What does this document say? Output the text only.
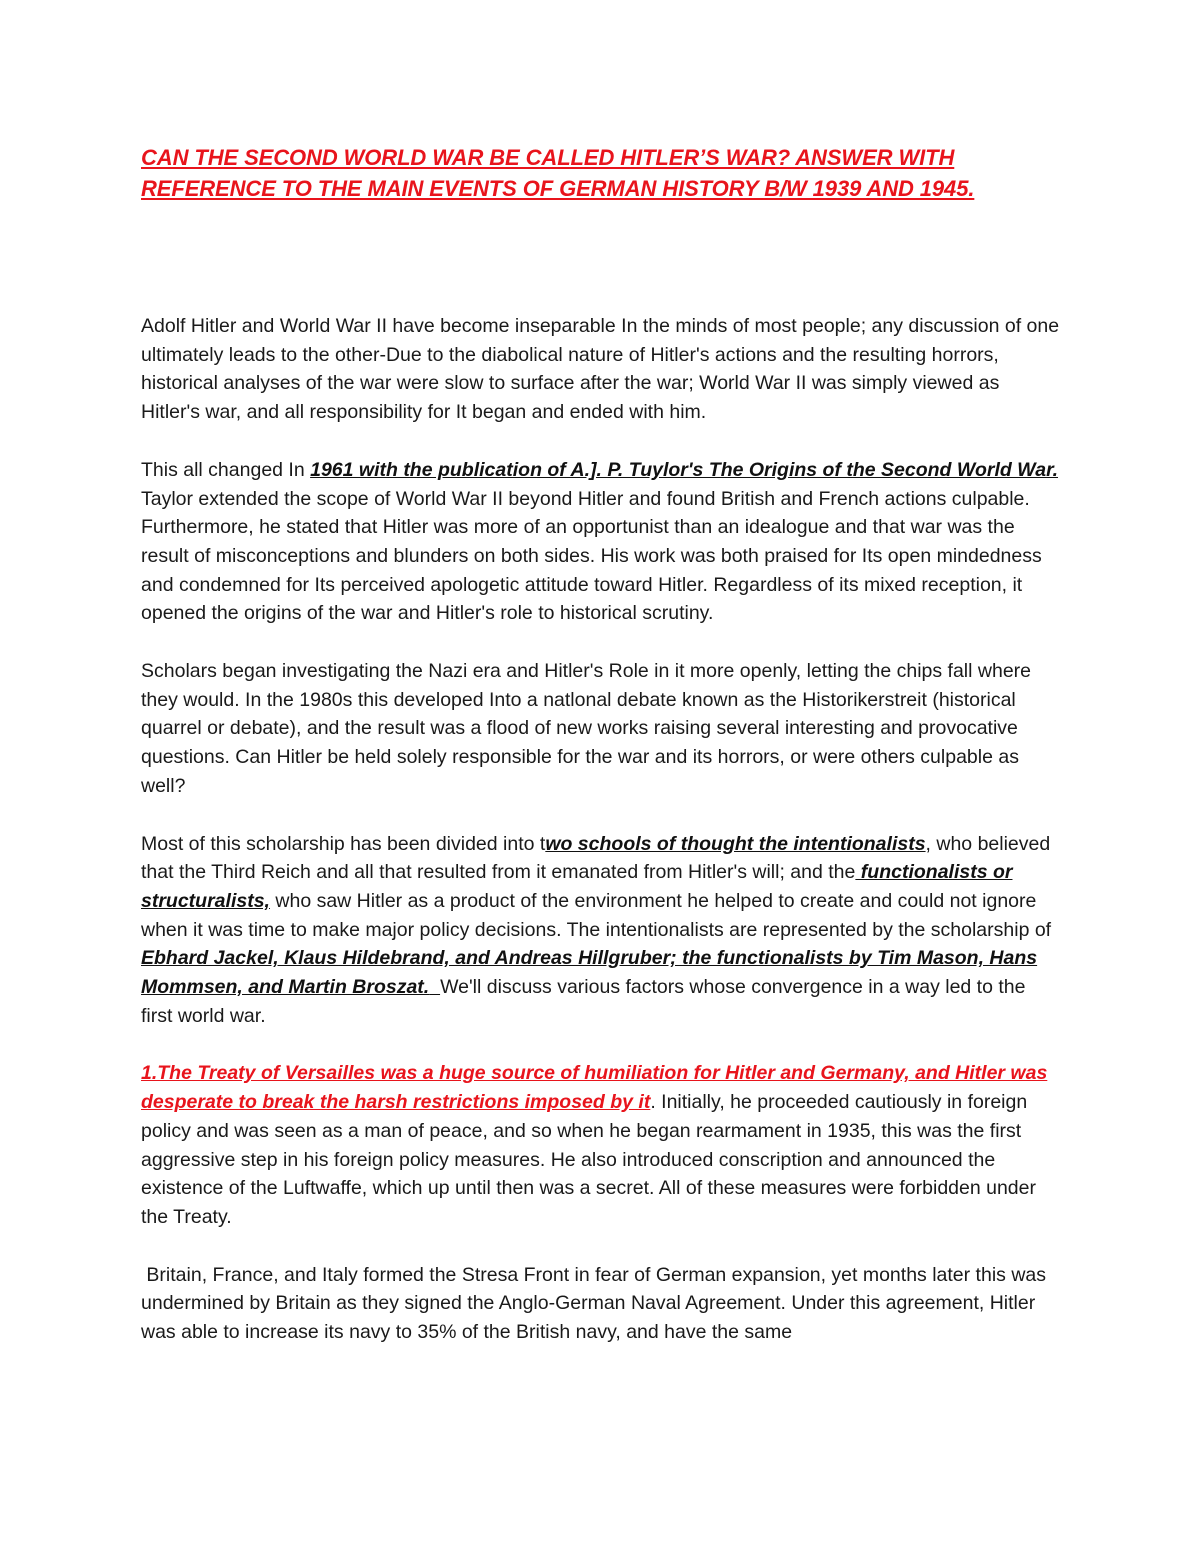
CAN THE SECOND WORLD WAR BE CALLED HITLER’S WAR? ANSWER WITH REFERENCE TO THE MAIN EVENTS OF GERMAN HISTORY B/W 1939 AND 1945.

Adolf Hitler and World War II have become inseparable In the minds of most people; any discussion of one ultimately leads to the other-Due to the diabolical nature of Hitler's actions and the resulting horrors, historical analyses of the war were slow to surface after the war; World War II was simply viewed as Hitler's war, and all responsibility for It began and ended with him.

This all changed In 1961 with the publication of A.]. P. Tuylor's The Origins of the Second World War. Taylor extended the scope of World War II beyond Hitler and found British and French actions culpable. Furthermore, he stated that Hitler was more of an opportunist than an idealogue and that war was the result of misconceptions and blunders on both sides. His work was both praised for Its open mindedness and condemned for Its perceived apologetic attitude toward Hitler. Regardless of its mixed reception, it opened the origins of the war and Hitler's role to historical scrutiny.

Scholars began investigating the Nazi era and Hitler's Role in it more openly, letting the chips fall where they would. In the 1980s this developed Into a natlonal debate known as the Historikerstreit (historical quarrel or debate), and the result was a flood of new works raising several interesting and provocative questions. Can Hitler be held solely responsible for the war and its horrors, or were others culpable as well?

Most of this scholarship has been divided into two schools of thought the intentionalists, who believed that the Third Reich and all that resulted from it emanated from Hitler's will; and the functionalists or structuralists, who saw Hitler as a product of the environment he helped to create and could not ignore when it was time to make major policy decisions. The intentionalists are represented by the scholarship of Ebhard Jackel, Klaus Hildebrand, and Andreas Hillgruber; the functionalists by Tim Mason, Hans Mommsen, and Martin Broszat. We'll discuss various factors whose convergence in a way led to the first world war.

1.The Treaty of Versailles was a huge source of humiliation for Hitler and Germany, and Hitler was desperate to break the harsh restrictions imposed by it. Initially, he proceeded cautiously in foreign policy and was seen as a man of peace, and so when he began rearmament in 1935, this was the first aggressive step in his foreign policy measures. He also introduced conscription and announced the existence of the Luftwaffe, which up until then was a secret. All of these measures were forbidden under the Treaty.

Britain, France, and Italy formed the Stresa Front in fear of German expansion, yet months later this was undermined by Britain as they signed the Anglo-German Naval Agreement. Under this agreement, Hitler was able to increase its navy to 35% of the British navy, and have the same
